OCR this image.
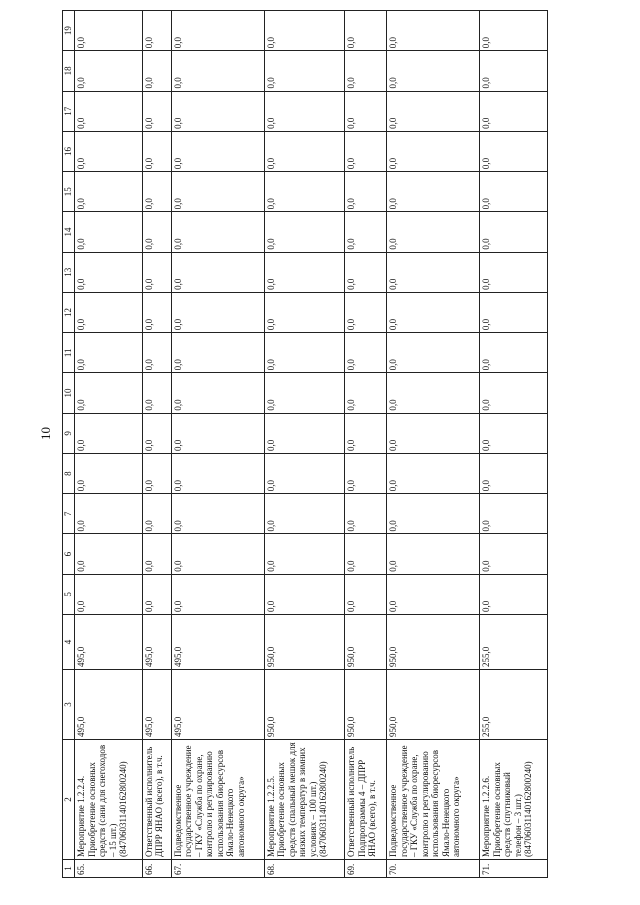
10
1	2	3	4	5	6	7	8	9	10	11	12	13	14	15	16	17	18	19
65.	Мероприятие 1.2.2.4. Приобретение основных средств (сани для снегоходов – 15 шт.) (84706031140162800240)	495,0	495,0	0,0	0,0	0,0	0,0	0,0	0,0	0,0	0,0	0,0	0,0	0,0	0,0	0,0	0,0	0,0
66.	Ответственный исполнитель ДПРР ЯНАО (всего), в т.ч.	495,0	495,0	0,0	0,0	0,0	0,0	0,0	0,0	0,0	0,0	0,0	0,0	0,0	0,0	0,0	0,0	0,0
67.	Подведомственное государственное учреждение – ГКУ «Служба по охране, контролю и регулированию использования биоресурсов Ямало-Ненецкого автономного округа»	495,0	495,0	0,0	0,0	0,0	0,0	0,0	0,0	0,0	0,0	0,0	0,0	0,0	0,0	0,0	0,0	0,0
68.	Мероприятие 1.2.2.5. Приобретение основных средств (спальный мешок для низких температур в зимних условиях – 100 шт.) (84706031140162800240)	950,0	950,0	0,0	0,0	0,0	0,0	0,0	0,0	0,0	0,0	0,0	0,0	0,0	0,0	0,0	0,0	0,0
69.	Ответственный исполнитель Подпрограммы 4 – ДПРР ЯНАО (всего), в т.ч.	950,0	950,0	0,0	0,0	0,0	0,0	0,0	0,0	0,0	0,0	0,0	0,0	0,0	0,0	0,0	0,0	0,0
70.	Подведомственное государственное учреждение – ГКУ «Служба по охране, контролю и регулированию использования биоресурсов Ямало-Ненецкого автономного округа»	950,0	950,0	0,0	0,0	0,0	0,0	0,0	0,0	0,0	0,0	0,0	0,0	0,0	0,0	0,0	0,0	0,0
71.	Мероприятие 1.2.2.6. Приобретение основных средств (спутниковый телефон – 3 шт.) (84706031140162800240)	255,0	255,0	0,0	0,0	0,0	0,0	0,0	0,0	0,0	0,0	0,0	0,0	0,0	0,0	0,0	0,0	0,0
